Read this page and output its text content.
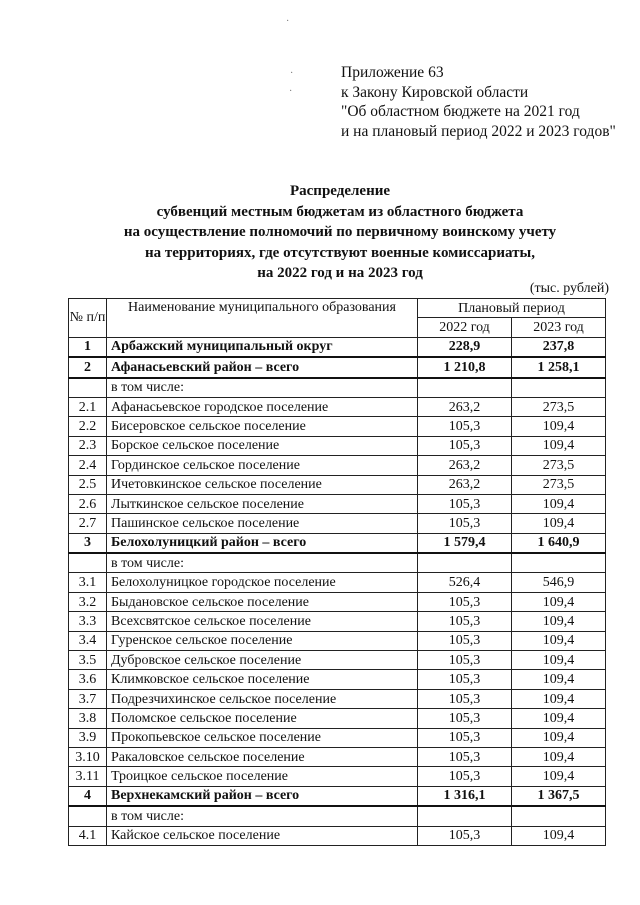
·
·
·
Приложение 63
к Закону Кировской области
"Об областном бюджете на 2021 год
и на плановый период 2022 и 2023 годов"
Распределение
субвенций местным бюджетам из областного бюджета
на осуществление полномочий по первичному воинскому учету
на территориях, где отсутствуют военные комиссариаты,
на 2022 год и на 2023 год
(тыс. рублей)
№ п/п	Наименование муниципального образования	Плановый период	
		2022 год	2023 год
1	Арбажский муниципальный округ	228,9	237,8
2	Афанасьевский район – всего	1 210,8	1 258,1
	в том числе:		
2.1	Афанасьевское городское поселение	263,2	273,5
2.2	Бисеровское сельское поселение	105,3	109,4
2.3	Борское сельское поселение	105,3	109,4
2.4	Гординское сельское поселение	263,2	273,5
2.5	Ичетовкинское сельское поселение	263,2	273,5
2.6	Лыткинское сельское поселение	105,3	109,4
2.7	Пашинское сельское поселение	105,3	109,4
3	Белохолуницкий район – всего	1 579,4	1 640,9
	в том числе:		
3.1	Белохолуницкое городское поселение	526,4	546,9
3.2	Быдановское сельское поселение	105,3	109,4
3.3	Всехсвятское сельское поселение	105,3	109,4
3.4	Гуренское сельское поселение	105,3	109,4
3.5	Дубровское сельское поселение	105,3	109,4
3.6	Климковское сельское поселение	105,3	109,4
3.7	Подрезчихинское сельское поселение	105,3	109,4
3.8	Поломское сельское поселение	105,3	109,4
3.9	Прокопьевское сельское поселение	105,3	109,4
3.10	Ракаловское сельское поселение	105,3	109,4
3.11	Троицкое сельское поселение	105,3	109,4
4	Верхнекамский район – всего	1 316,1	1 367,5
	в том числе:		
4.1	Кайское сельское поселение	105,3	109,4
